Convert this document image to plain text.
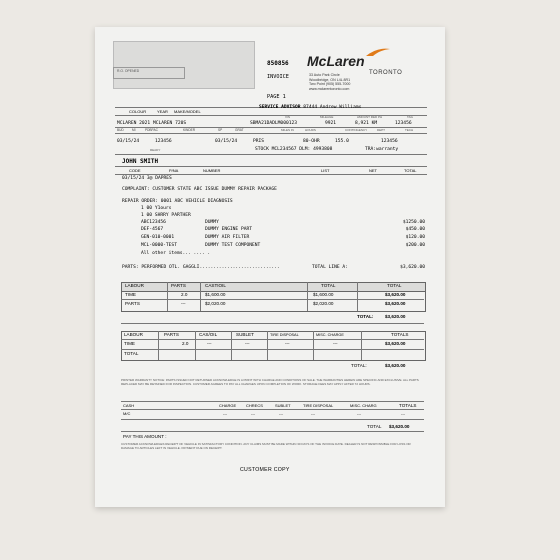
850856
INVOICE
PAGE 1
33 Auto Park Circle
Woodbridge, ON L4L 8R1
Two Point (905) 555-7000
www.mclarentoronto.com
McLaren
TORONTO
R.O. OPENED
COLOUR	YEAR MAKE/MODEL
SERVICE ADVISOR 87444 Andrew Williams
VIN	MILEAGE	AMOUNT RED PH	TAG
MCLAREN 2021 MCLAREN 720S	SBMA21DADLM000123	9921	8,921 KM	123456
BUD	MI	PDBPAC	KINDER	SP	GRAT	MILES IN	HOURS	CONTINGENCY	DEPT	TECH
03/15/24	123456	03/15/24	PRIS	80-OHR	155.0	123456
STOCK MCL234567 DLM: 4993808	TRA:warranty
READY
JOHN SMITH
CODE	P/NA	NUMBER	LIST	NET	TOTAL
03/15/24 3@ DAPRES
COMPLAINT: CUSTOMER STATE ABC ISSUE DUMMY REPAIR PACKAGE
REPAIR ORDER: 0001 ABC VEHICLE DIAGNOSIS
1 00 Y1ours
1 00 SHRRY PARTHER
ABC123456	DUMMY	$1250.00
DEF-4567	DUMMY ENGINE PART	$450.00
GEN-010-0001	DUMMY AIR FILTER	$120.00
MCL-0000-TEST	DUMMY TEST COMPONENT	$200.00
All other items... .... .
PARTS: PERFORMED OTL. GAGGLI.............................	TOTAL LINE A:	$3,620.00
LABOUR	PARTS	CASTIOIL	TOTAL	TOTAL
TIME	2.0	$1,600.00	$1,600.00	$3,620.00
PARTS	---	$2,020.00	$2,020.00	$3,620.00
TOTAL:	$3,620.00
LABOUR	PARTS	CAS/OIL	SUBLET	TIRE DISPOSAL	MISC. CHARGE	TOTALS
TIME	2.0	---	---	---	---	$3,620.00
TOTAL
TOTAL:	$3,620.00
PRINTER WARRANTY NOTICE: PARTS ISSUED NOT RETURNED ACKNOWLEDGE IS A PRINT WITH CHARGE AND CONDITIONS OF SALE. THE WARRANTIES HEREIN ARE SPECIFIC AND EXCLUSIVE. ALL PARTS REPLACED MAY BE RETAINED FOR INSPECTION. CUSTOMER AGREES TO PAY ALL CHARGES UPON COMPLETION OF WORK. STORAGE FEES MAY APPLY AFTER 72 HOURS.
CASH	CHARGE CHRECS	SUBLET	TIRE DISPOSAL	MISC. CHARG	TOTALS
M/C	---	---	---	---	---	---
TOTAL $3,620.00
PAY THIS AMOUNT :
CUSTOMER ACKNOWLEDGES RECEIPT OF VEHICLE IN SATISFACTORY CONDITION. ANY CLAIMS MUST BE MADE WITHIN 30 DAYS OF THE INVOICE DATE. DEALER IS NOT RESPONSIBLE FOR LOSS OR DAMAGE TO ARTICLES LEFT IN VEHICLE. PAYMENT DUE ON RECEIPT.
CUSTOMER COPY
